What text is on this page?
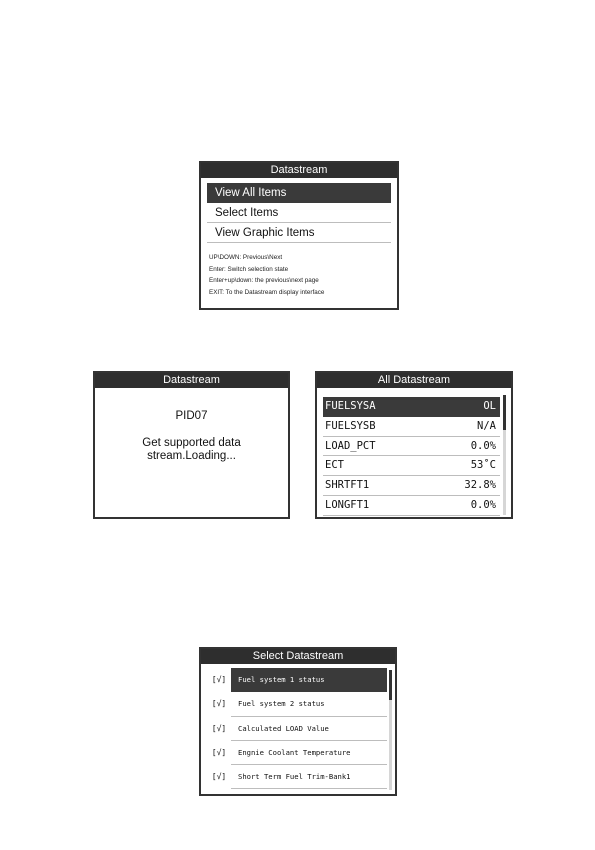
Datastream
View All Items
Select Items
View Graphic Items
UP\DOWN: Previous\Next
Enter: Switch selection state
Enter+up\down: the previous\next page
EXIT: To the Datastream display interface
Datastream
PID07
Get supported data
stream.Loading...
All Datastream
FUELSYSA	OL
FUELSYSB	N/A
LOAD_PCT	0.0%
ECT	53˚C
SHRTFT1	32.8%
LONGFT1	0.0%
Select Datastream
[√]	Fuel system 1 status
[√]	Fuel system 2 status
[√]	Calculated LOAD Value
[√]	Engnie Coolant Temperature
[√]	Short Term Fuel Trim-Bank1
